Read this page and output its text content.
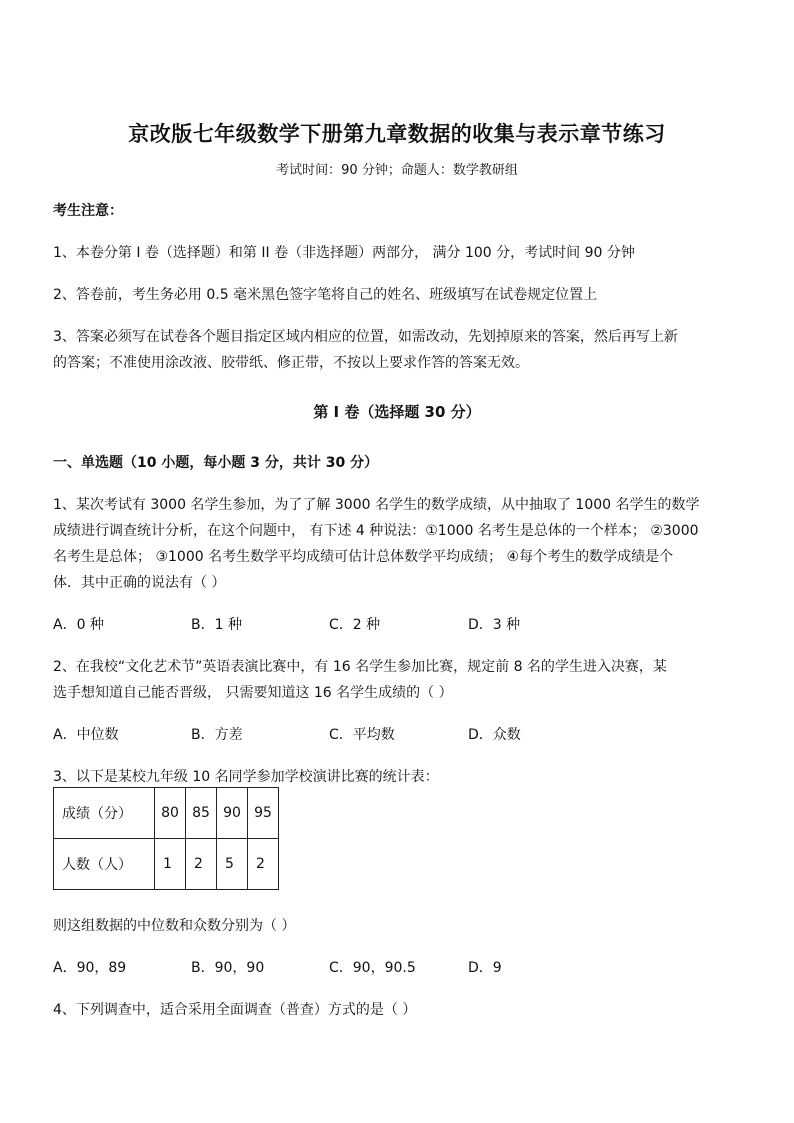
京改版七年级数学下册第九章数据的收集与表示章节练习
考试时间：90 分钟；命题人：数学教研组
考生注意：
1、本卷分第 I 卷（选择题）和第 II 卷（非选择题）两部分， 满分 100 分，考试时间 90 分钟
2、答卷前，考生务必用 0.5 毫米黑色签字笔将自己的姓名、班级填写在试卷规定位置上
3、答案必须写在试卷各个题目指定区域内相应的位置，如需改动，先划掉原来的答案，然后再写上新
的答案；不准使用涂改液、胶带纸、修正带，不按以上要求作答的答案无效。
第 I 卷（选择题 30 分）
一、单选题（10 小题，每小题 3 分，共计 30 分）
1、某次考试有 3000 名学生参加，为了了解 3000 名学生的数学成绩，从中抽取了 1000 名学生的数学
成绩进行调查统计分析，在这个问题中， 有下述 4 种说法：①1000 名考生是总体的一个样本； ②3000
名考生是总体； ③1000 名考生数学平均成绩可估计总体数学平均成绩； ④每个考生的数学成绩是个
体．其中正确的说法有（ ）
A．0 种	B．1 种	C．2 种	D．3 种
2、在我校“文化艺术节”英语表演比赛中，有 16 名学生参加比赛，规定前 8 名的学生进入决赛，某
选手想知道自己能否晋级， 只需要知道这 16 名学生成绩的（ ）
A．中位数	B．方差	C．平均数	D．众数
3、以下是某校九年级 10 名同学参加学校演讲比赛的统计表：
成绩（分）	80	85	90	95
人数（人）	1	2	5	2
则这组数据的中位数和众数分别为（ ）
A．90，89	B．90，90	C．90，90.5	D．9
4、下列调查中，适合采用全面调查（普查）方式的是（ ）
